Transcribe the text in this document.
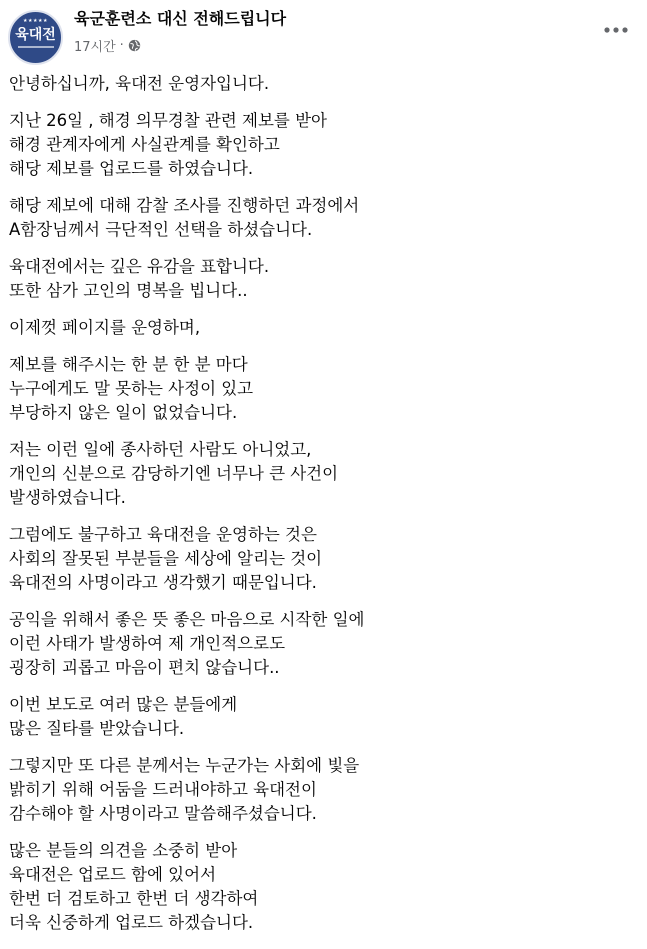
★★★★★
육대전
육군훈련소 대신 전해드립니다
17시간 ·
안녕하십니까, 육대전 운영자입니다.
지난 26일 , 해경 의무경찰 관련 제보를 받아
해경 관계자에게 사실관계를 확인하고
해당 제보를 업로드를 하였습니다.
해당 제보에 대해 감찰 조사를 진행하던 과정에서
A함장님께서 극단적인 선택을 하셨습니다.
육대전에서는 깊은 유감을 표합니다.
또한 삼가 고인의 명복을 빕니다..
이제껏 페이지를 운영하며,
제보를 해주시는 한 분 한 분 마다
누구에게도 말 못하는 사정이 있고
부당하지 않은 일이 없었습니다.
저는 이런 일에 종사하던 사람도 아니었고,
개인의 신분으로 감당하기엔 너무나 큰 사건이
발생하였습니다.
그럼에도 불구하고 육대전을 운영하는 것은
사회의 잘못된 부분들을 세상에 알리는 것이
육대전의 사명이라고 생각했기 때문입니다.
공익을 위해서 좋은 뜻 좋은 마음으로 시작한 일에
이런 사태가 발생하여 제 개인적으로도
굉장히 괴롭고 마음이 편치 않습니다..
이번 보도로 여러 많은 분들에게
많은 질타를 받았습니다.
그렇지만 또 다른 분께서는 누군가는 사회에 빛을
밝히기 위해 어둠을 드러내야하고 육대전이
감수해야 할 사명이라고 말씀해주셨습니다.
많은 분들의 의견을 소중히 받아
육대전은 업로드 함에 있어서
한번 더 검토하고 한번 더 생각하여
더욱 신중하게 업로드 하겠습니다.
